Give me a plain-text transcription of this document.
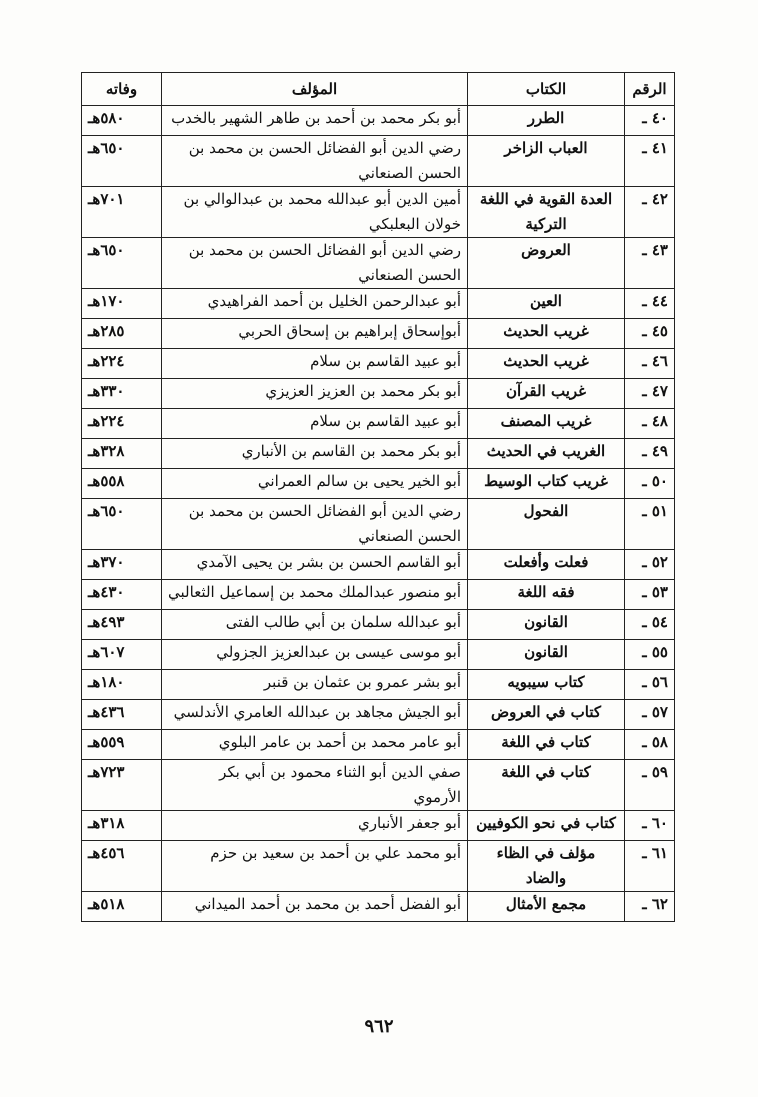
الرقم	الكتاب	المؤلف	وفاته
٤٠ ـ	الطرر	أبو بكر محمد بن أحمد بن طاهر الشهير بالخدب	٥٨٠هـ
٤١ ـ	العباب الزاخر	رضي الدين أبو الفضائل الحسن بن محمد بن الحسن الصنعاني	٦٥٠هـ
٤٢ ـ	العدة القوية في اللغة التركية	أمين الدين أبو عبدالله محمد بن عبدالوالي بن خولان البعلبكي	٧٠١هـ
٤٣ ـ	العروض	رضي الدين أبو الفضائل الحسن بن محمد بن الحسن الصنعاني	٦٥٠هـ
٤٤ ـ	العين	أبو عبدالرحمن الخليل بن أحمد الفراهيدي	١٧٠هـ
٤٥ ـ	غريب الحديث	أبوإسحاق إبراهيم بن إسحاق الحربي	٢٨٥هـ
٤٦ ـ	غريب الحديث	أبو عبيد القاسم بن سلام	٢٢٤هـ
٤٧ ـ	غريب القرآن	أبو بكر محمد بن العزيز العزيزي	٣٣٠هـ
٤٨ ـ	غريب المصنف	أبو عبيد القاسم بن سلام	٢٢٤هـ
٤٩ ـ	الغريب في الحديث	أبو بكر محمد بن القاسم بن الأنباري	٣٢٨هـ
٥٠ ـ	غريب كتاب الوسيط	أبو الخير يحيى بن سالم العمراني	٥٥٨هـ
٥١ ـ	الفحول	رضي الدين أبو الفضائل الحسن بن محمد بن الحسن الصنعاني	٦٥٠هـ
٥٢ ـ	فعلت وأفعلت	أبو القاسم الحسن بن بشر بن يحيى الآمدي	٣٧٠هـ
٥٣ ـ	فقه اللغة	أبو منصور عبدالملك محمد بن إسماعيل الثعالبي	٤٣٠هـ
٥٤ ـ	القانون	أبو عبدالله سلمان بن أبي طالب الفتى	٤٩٣هـ
٥٥ ـ	القانون	أبو موسى عيسى بن عبدالعزيز الجزولي	٦٠٧هـ
٥٦ ـ	كتاب سيبويه	أبو بشر عمرو بن عثمان بن قنبر	١٨٠هـ
٥٧ ـ	كتاب في العروض	أبو الجيش مجاهد بن عبدالله العامري الأندلسي	٤٣٦هـ
٥٨ ـ	كتاب في اللغة	أبو عامر محمد بن أحمد بن عامر البلوي	٥٥٩هـ
٥٩ ـ	كتاب في اللغة	صفي الدين أبو الثناء محمود بن أبي بكر الأرموي	٧٢٣هـ
٦٠ ـ	كتاب في نحو الكوفيين	أبو جعفر الأنباري	٣١٨هـ
٦١ ـ	مؤلف في الظاء والضاد	أبو محمد علي بن أحمد بن سعيد بن حزم	٤٥٦هـ
٦٢ ـ	مجمع الأمثال	أبو الفضل أحمد بن محمد بن أحمد الميداني	٥١٨هـ
٩٦٢
